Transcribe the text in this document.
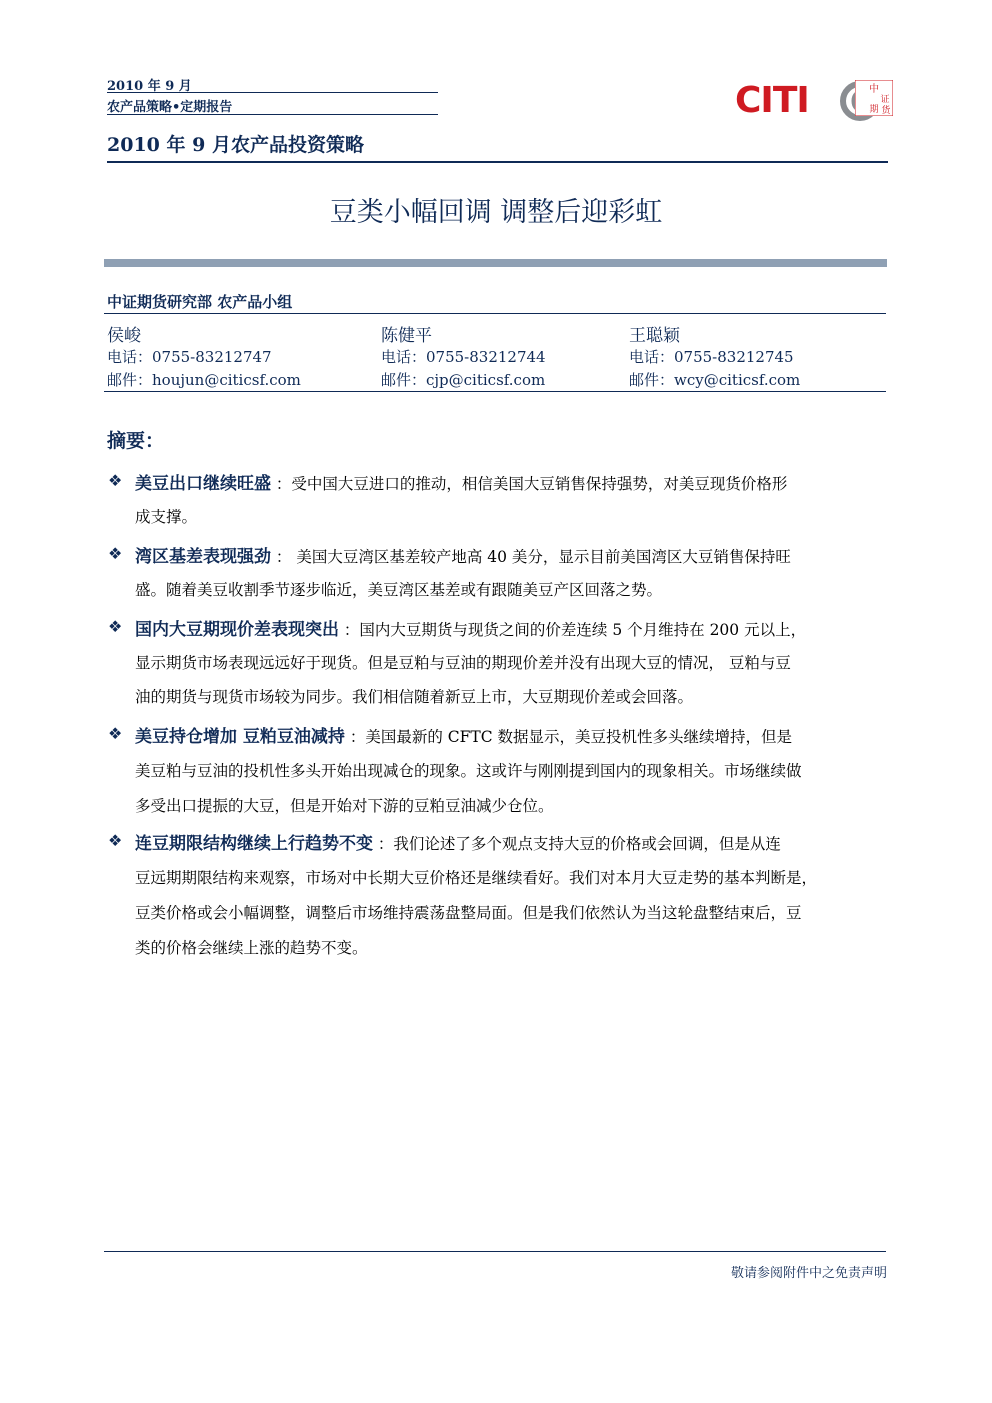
2010 年 9 月
农产品策略•定期报告
2010 年 9 月农产品投资策略
CITI	中
证
期 货
豆类小幅回调 调整后迎彩虹
中证期货研究部 农产品小组
侯峻
电话：0755-83212747
邮件：houjun@citicsf.com
陈健平
电话：0755-83212744
邮件：cjp@citicsf.com
王聪颖
电话：0755-83212745
邮件：wcy@citicsf.com
摘要：
❖ 美豆出口继续旺盛 ：受中国大豆进口的推动，相信美国大豆销售保持强势，对美豆现货价格形
成支撑。
❖ 湾区基差表现强劲 ： 美国大豆湾区基差较产地高 40 美分，显示目前美国湾区大豆销售保持旺
盛。随着美豆收割季节逐步临近，美豆湾区基差或有跟随美豆产区回落之势。
❖ 国内大豆期现价差表现突出 ：国内大豆期货与现货之间的价差连续 5 个月维持在 200 元以上，
显示期货市场表现远远好于现货。但是豆粕与豆油的期现价差并没有出现大豆的情况， 豆粕与豆
油的期货与现货市场较为同步。我们相信随着新豆上市，大豆期现价差或会回落。
❖ 美豆持仓增加 豆粕豆油减持 ：美国最新的 CFTC 数据显示，美豆投机性多头继续增持，但是
美豆粕与豆油的投机性多头开始出现减仓的现象。这或许与刚刚提到国内的现象相关。市场继续做
多受出口提振的大豆，但是开始对下游的豆粕豆油减少仓位。
❖ 连豆期限结构继续上行趋势不变 ：我们论述了多个观点支持大豆的价格或会回调，但是从连
豆远期期限结构来观察，市场对中长期大豆价格还是继续看好。我们对本月大豆走势的基本判断是，
豆类价格或会小幅调整，调整后市场维持震荡盘整局面。但是我们依然认为当这轮盘整结束后，豆
类的价格会继续上涨的趋势不变。
敬请参阅附件中之免责声明
